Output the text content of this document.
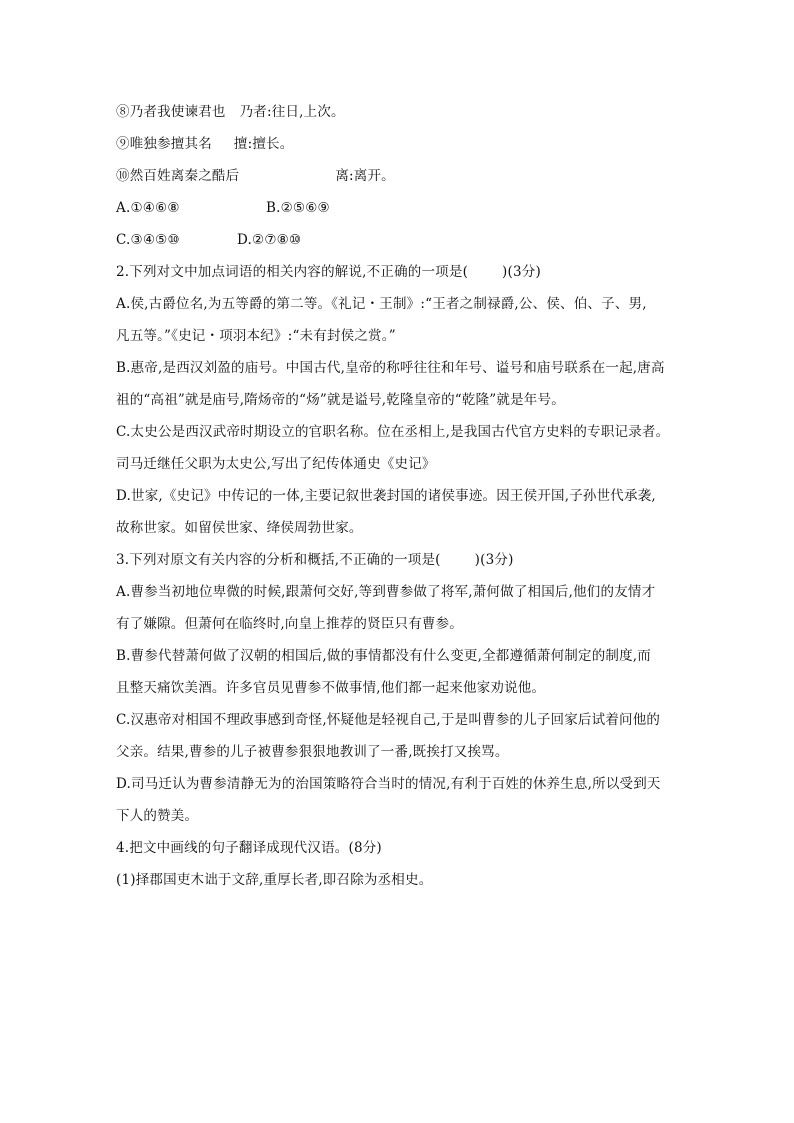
⑧乃者我使谏君也 乃者:往日,上次。
⑨唯独参擅其名 擅:擅长。
⑩然百姓离秦之酷后	离:离开。
A.①④⑥⑧	B.②⑤⑥⑨
C.③④⑤⑩	D.②⑦⑧⑩
2.下列对文中加点词语的相关内容的解说,不正确的一项是(	)(3分)
A.侯,古爵位名,为五等爵的第二等。《礼记・王制》:“王者之制禄爵,公、侯、伯、子、男,
凡五等。”《史记・项羽本纪》:“未有封侯之赏。”
B.惠帝,是西汉刘盈的庙号。中国古代,皇帝的称呼往往和年号、谥号和庙号联系在一起,唐高
祖的“高祖”就是庙号,隋炀帝的“炀”就是谥号,乾隆皇帝的“乾隆”就是年号。
C.太史公是西汉武帝时期设立的官职名称。位在丞相上,是我国古代官方史料的专职记录者。
司马迁继任父职为太史公,写出了纪传体通史《史记》
D.世家,《史记》中传记的一体,主要记叙世袭封国的诸侯事迹。因王侯开国,子孙世代承袭,
故称世家。如留侯世家、绛侯周勃世家。
3.下列对原文有关内容的分析和概括,不正确的一项是(	)(3分)
A.曹参当初地位卑微的时候,跟萧何交好,等到曹参做了将军,萧何做了相国后,他们的友情才
有了嫌隙。但萧何在临终时,向皇上推荐的贤臣只有曹参。
B.曹参代替萧何做了汉朝的相国后,做的事情都没有什么变更,全都遵循萧何制定的制度,而
且整天痛饮美酒。许多官员见曹参不做事情,他们都一起来他家劝说他。
C.汉惠帝对相国不理政事感到奇怪,怀疑他是轻视自己,于是叫曹参的儿子回家后试着问他的
父亲。结果,曹参的儿子被曹参狠狠地教训了一番,既挨打又挨骂。
D.司马迁认为曹参清静无为的治国策略符合当时的情况,有利于百姓的休养生息,所以受到天
下人的赞美。
4.把文中画线的句子翻译成现代汉语。(8分)
(1)择郡国吏木诎于文辞,重厚长者,即召除为丞相史。
